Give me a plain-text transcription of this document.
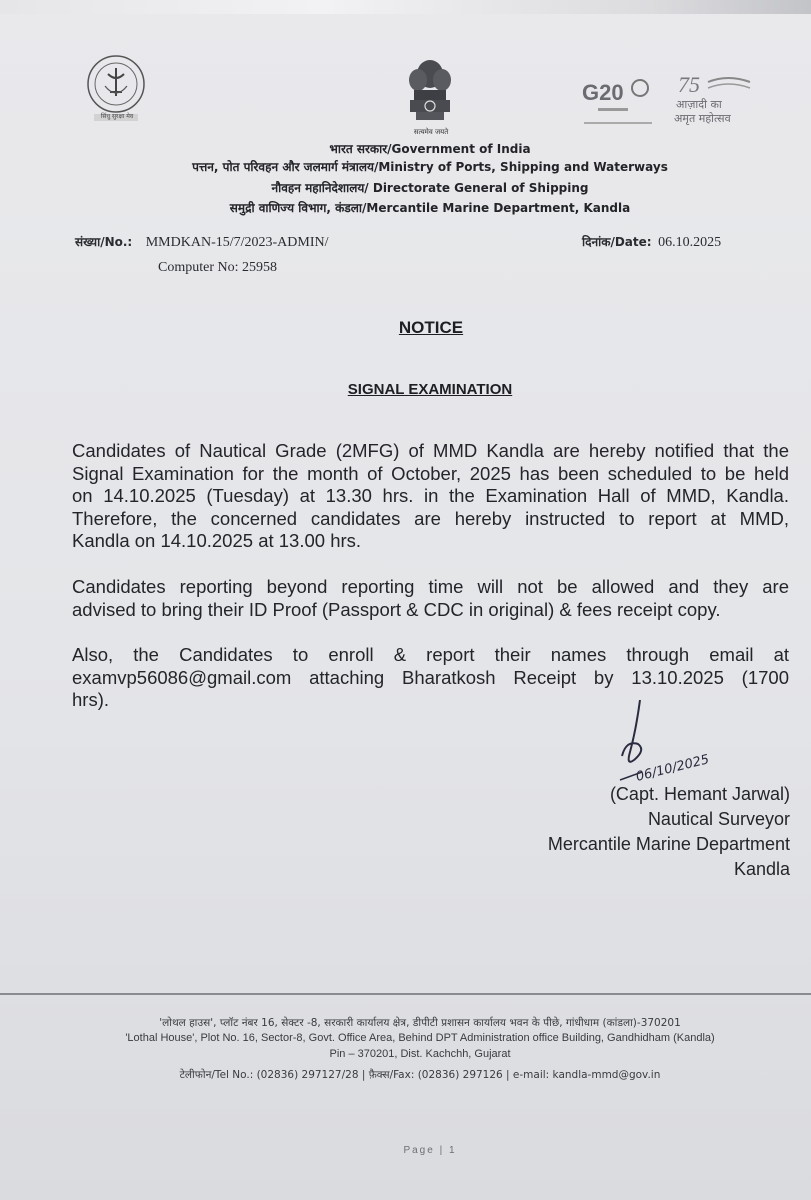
सिंधु सुरक्षा मेव
सत्यमेव जयते
G20 75
आज़ादी का
अमृत महोत्सव
भारत सरकार/Government of India
पत्तन, पोत परिवहन और जलमार्ग मंत्रालय/Ministry of Ports, Shipping and Waterways
नौवहन महानिदेशालय/ Directorate General of Shipping
समुद्री वाणिज्य विभाग, कंडला/Mercantile Marine Department, Kandla
संख्या/No.: MMDKAN-15/7/2023-ADMIN/
Computer No: 25958
दिनांक/Date: 06.10.2025
NOTICE
SIGNAL EXAMINATION
Candidates of Nautical Grade (2MFG) of MMD Kandla are hereby notified that the
Signal Examination for the month of October, 2025 has been scheduled to be held
on 14.10.2025 (Tuesday) at 13.30 hrs. in the Examination Hall of MMD, Kandla.
Therefore, the concerned candidates are hereby instructed to report at MMD,
Kandla on 14.10.2025 at 13.00 hrs.
Candidates reporting beyond reporting time will not be allowed and they are
advised to bring their ID Proof (Passport & CDC in original) & fees receipt copy.
Also, the Candidates to enroll & report their names through email at
examvp56086@gmail.com attaching Bharatkosh Receipt by 13.10.2025 (1700
hrs).
06/10/2025
(Capt. Hemant Jarwal)
Nautical Surveyor
Mercantile Marine Department
Kandla
'लोथल हाउस', प्लॉट नंबर 16, सेक्टर -8, सरकारी कार्यालय क्षेत्र, डीपीटी प्रशासन कार्यालय भवन के पीछे, गांधीधाम (कांडला)-370201
'Lothal House', Plot No. 16, Sector-8, Govt. Office Area, Behind DPT Administration office Building, Gandhidham (Kandla)
Pin – 370201, Dist. Kachchh, Gujarat
टेलीफोन/Tel No.: (02836) 297127/28 | फ़ैक्स/Fax: (02836) 297126 | e-mail: kandla-mmd@gov.in
Page | 1
